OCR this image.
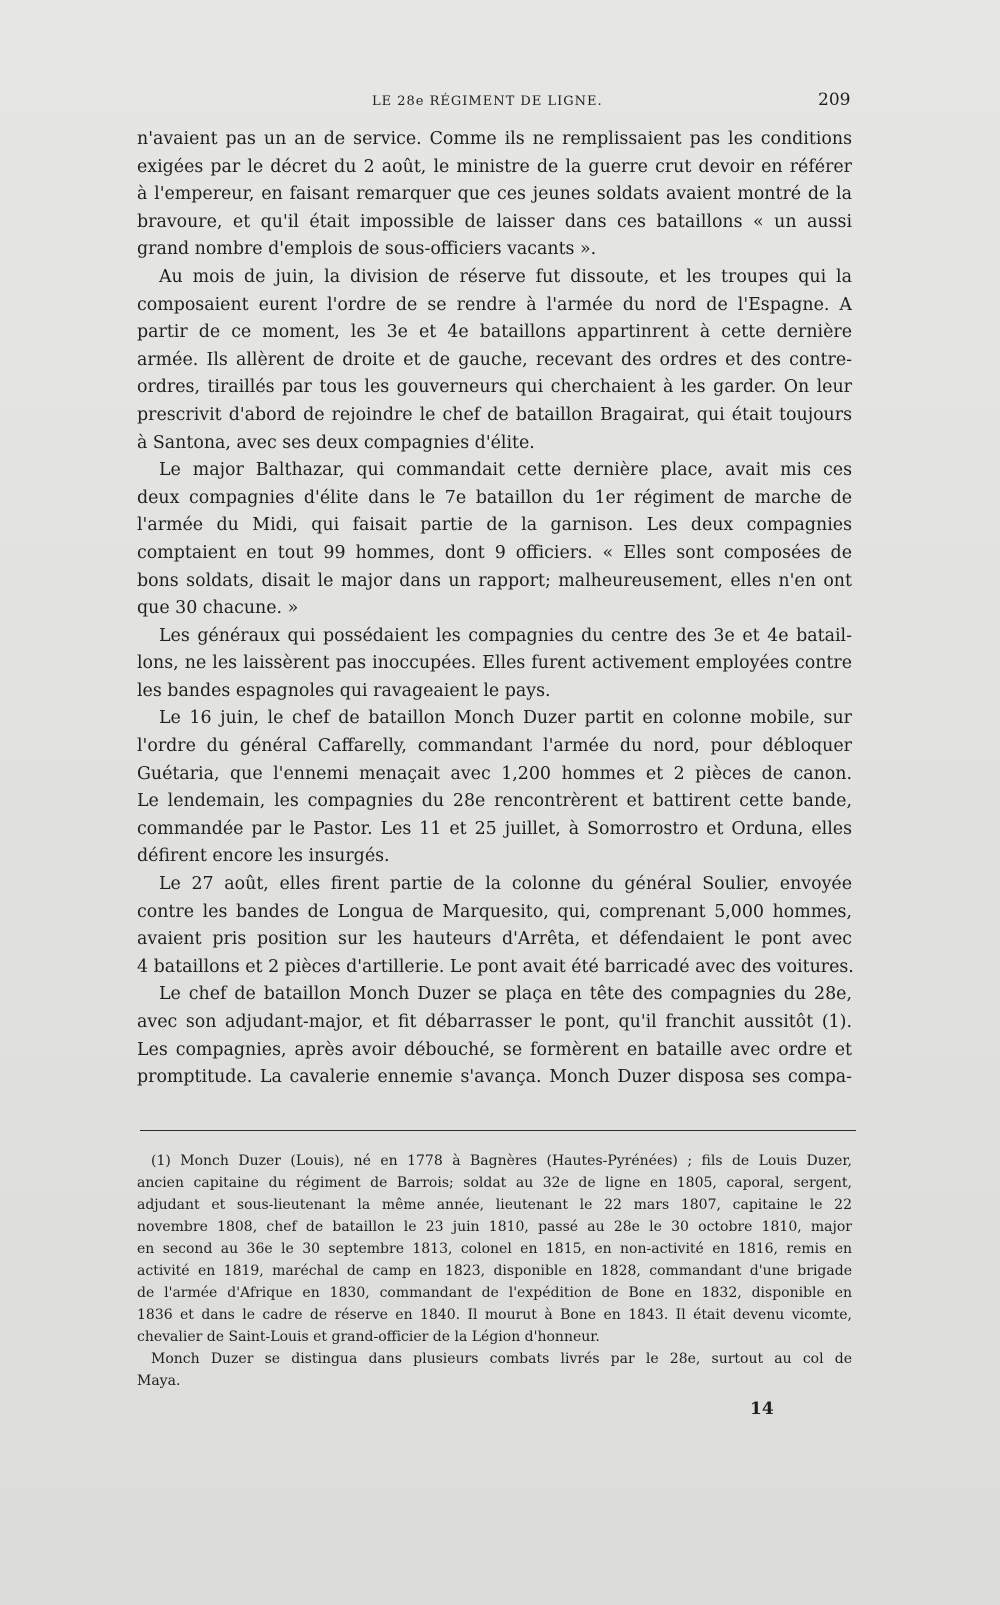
LE 28e RÉGIMENT DE LIGNE.	209
n'avaient pas un an de service. Comme ils ne remplissaient pas les conditions
exigées par le décret du 2 août, le ministre de la guerre crut devoir en référer
à l'empereur, en faisant remarquer que ces jeunes soldats avaient montré de la
bravoure, et qu'il était impossible de laisser dans ces bataillons « un aussi
grand nombre d'emplois de sous-officiers vacants ».
Au mois de juin, la division de réserve fut dissoute, et les troupes qui la
composaient eurent l'ordre de se rendre à l'armée du nord de l'Espagne. A
partir de ce moment, les 3e et 4e bataillons appartinrent à cette dernière
armée. Ils allèrent de droite et de gauche, recevant des ordres et des contre-
ordres, tiraillés par tous les gouverneurs qui cherchaient à les garder. On leur
prescrivit d'abord de rejoindre le chef de bataillon Bragairat, qui était toujours
à Santona, avec ses deux compagnies d'élite.
Le major Balthazar, qui commandait cette dernière place, avait mis ces
deux compagnies d'élite dans le 7e bataillon du 1er régiment de marche de
l'armée du Midi, qui faisait partie de la garnison. Les deux compagnies
comptaient en tout 99 hommes, dont 9 officiers. « Elles sont composées de
bons soldats, disait le major dans un rapport; malheureusement, elles n'en ont
que 30 chacune. »
Les généraux qui possédaient les compagnies du centre des 3e et 4e batail-
lons, ne les laissèrent pas inoccupées. Elles furent activement employées contre
les bandes espagnoles qui ravageaient le pays.
Le 16 juin, le chef de bataillon Monch Duzer partit en colonne mobile, sur
l'ordre du général Caffarelly, commandant l'armée du nord, pour débloquer
Guétaria, que l'ennemi menaçait avec 1,200 hommes et 2 pièces de canon.
Le lendemain, les compagnies du 28e rencontrèrent et battirent cette bande,
commandée par le Pastor. Les 11 et 25 juillet, à Somorrostro et Orduna, elles
défirent encore les insurgés.
Le 27 août, elles firent partie de la colonne du général Soulier, envoyée
contre les bandes de Longua de Marquesito, qui, comprenant 5,000 hommes,
avaient pris position sur les hauteurs d'Arrêta, et défendaient le pont avec
4 bataillons et 2 pièces d'artillerie. Le pont avait été barricadé avec des voitures.
Le chef de bataillon Monch Duzer se plaça en tête des compagnies du 28e,
avec son adjudant-major, et fit débarrasser le pont, qu'il franchit aussitôt (1).
Les compagnies, après avoir débouché, se formèrent en bataille avec ordre et
promptitude. La cavalerie ennemie s'avança. Monch Duzer disposa ses compa-
(1) Monch Duzer (Louis), né en 1778 à Bagnères (Hautes-Pyrénées) ; fils de Louis Duzer,
ancien capitaine du régiment de Barrois; soldat au 32e de ligne en 1805, caporal, sergent,
adjudant et sous-lieutenant la même année, lieutenant le 22 mars 1807, capitaine le 22
novembre 1808, chef de bataillon le 23 juin 1810, passé au 28e le 30 octobre 1810, major
en second au 36e le 30 septembre 1813, colonel en 1815, en non-activité en 1816, remis en
activité en 1819, maréchal de camp en 1823, disponible en 1828, commandant d'une brigade
de l'armée d'Afrique en 1830, commandant de l'expédition de Bone en 1832, disponible en
1836 et dans le cadre de réserve en 1840. Il mourut à Bone en 1843. Il était devenu vicomte,
chevalier de Saint-Louis et grand-officier de la Légion d'honneur.
Monch Duzer se distingua dans plusieurs combats livrés par le 28e, surtout au col de
Maya.
14
